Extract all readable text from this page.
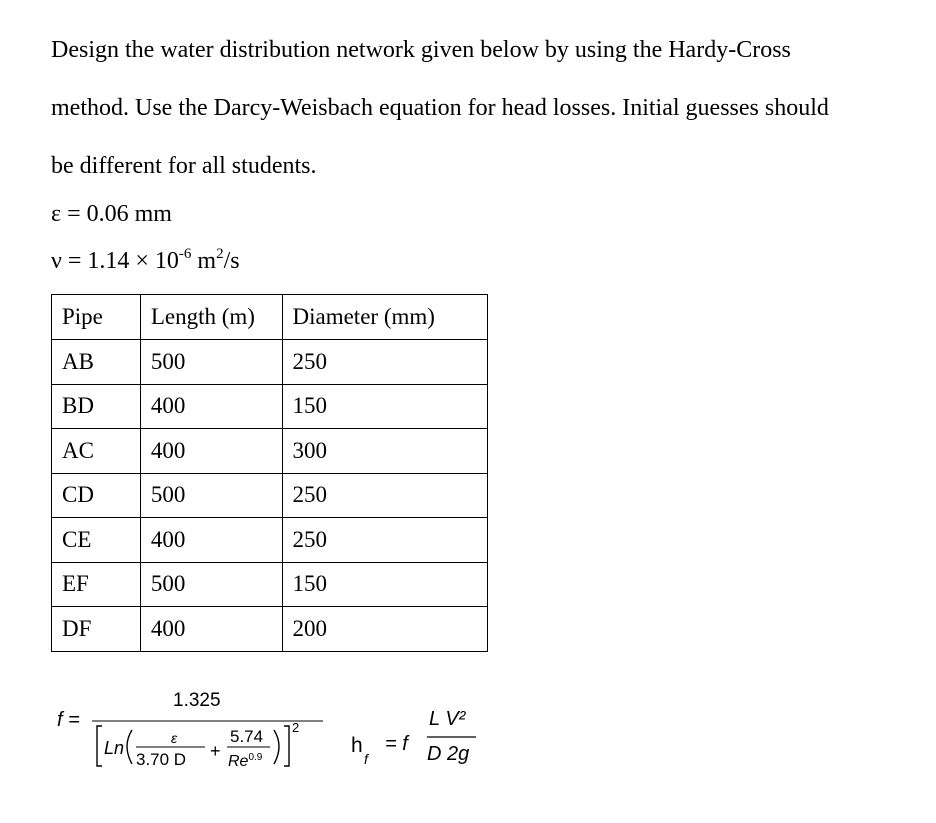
Design the water distribution network given below by using the Hardy-Cross

method. Use the Darcy-Weisbach equation for head losses. Initial guesses should

be different for all students.

ε = 0.06 mm
$\nu = 1.14 \times 10^{-6}$ $m^2/s$
Pipe	Length (m)	Diameter (mm)
AB	500	250
BD	400	150
AC	400	300
CD	500	250
CE	400	250
EF	500	150
DF	400	200
f =
1.325
Ln	ε
3.70 D +
5.74
$Re^{0.9}$
2
h
f
= f
L V²
D 2g
